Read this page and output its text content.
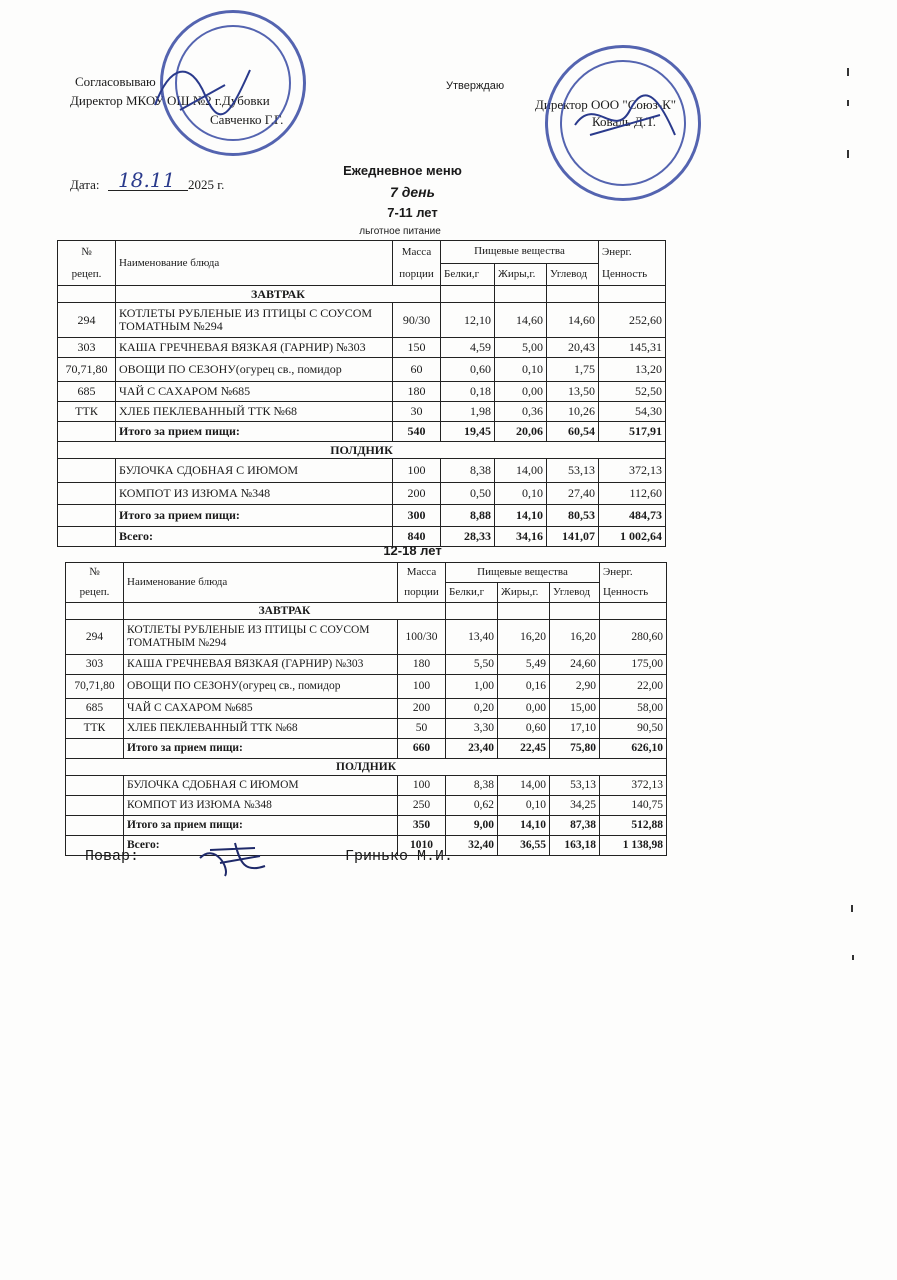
Согласовываю
Директор МКОУ ОШ №2 г.Дубовки
Савченко Г.Г.
Утверждаю
Директор ООО "Союз-К"
Коваль Д.Т.
Дата: 18.11 2025 г.
Ежедневное меню
7 день
7-11 лет
льготное питание
12-18 лет
№	Наименование блюда	Масса	Пищевые вещества			Энерг.
рецеп.		порции	Белки,г	Жиры,г.	Углевод	Ценность
	ЗАВТРАК					
294	КОТЛЕТЫ РУБЛЕНЫЕ ИЗ ПТИЦЫ С СОУСОМ ТОМАТНЫМ №294	90/30	12,10	14,60	14,60	252,60
303	КАША ГРЕЧНЕВАЯ ВЯЗКАЯ (ГАРНИР) №303	150	4,59	5,00	20,43	145,31
70,71,80	ОВОЩИ ПО СЕЗОНУ(огурец св., помидор	60	0,60	0,10	1,75	13,20
685	ЧАЙ С САХАРОМ №685	180	0,18	0,00	13,50	52,50
ТТК	ХЛЕБ ПЕКЛЕВАННЫЙ ТТК №68	30	1,98	0,36	10,26	54,30
	Итого за прием пищи:	540	19,45	20,06	60,54	517,91
ПОЛДНИК						
	БУЛОЧКА СДОБНАЯ С ИЮМОМ	100	8,38	14,00	53,13	372,13
	КОМПОТ ИЗ ИЗЮМА №348	200	0,50	0,10	27,40	112,60
	Итого за прием пищи:	300	8,88	14,10	80,53	484,73
	Всего:	840	28,33	34,16	141,07	1 002,64
№	Наименование блюда	Масса	Пищевые вещества			Энерг.
рецеп.		порции	Белки,г	Жиры,г.	Углевод	Ценность
	ЗАВТРАК					
294	КОТЛЕТЫ РУБЛЕНЫЕ ИЗ ПТИЦЫ С СОУСОМ ТОМАТНЫМ №294	100/30	13,40	16,20	16,20	280,60
303	КАША ГРЕЧНЕВАЯ ВЯЗКАЯ (ГАРНИР) №303	180	5,50	5,49	24,60	175,00
70,71,80	ОВОЩИ ПО СЕЗОНУ(огурец св., помидор	100	1,00	0,16	2,90	22,00
685	ЧАЙ С САХАРОМ №685	200	0,20	0,00	15,00	58,00
ТТК	ХЛЕБ ПЕКЛЕВАННЫЙ ТТК №68	50	3,30	0,60	17,10	90,50
	Итого за прием пищи:	660	23,40	22,45	75,80	626,10
ПОЛДНИК						
	БУЛОЧКА СДОБНАЯ С ИЮМОМ	100	8,38	14,00	53,13	372,13
	КОМПОТ ИЗ ИЗЮМА №348	250	0,62	0,10	34,25	140,75
	Итого за прием пищи:	350	9,00	14,10	87,38	512,88
	Всего:	1010	32,40	36,55	163,18	1 138,98
Повар:	Гринько М.И.
